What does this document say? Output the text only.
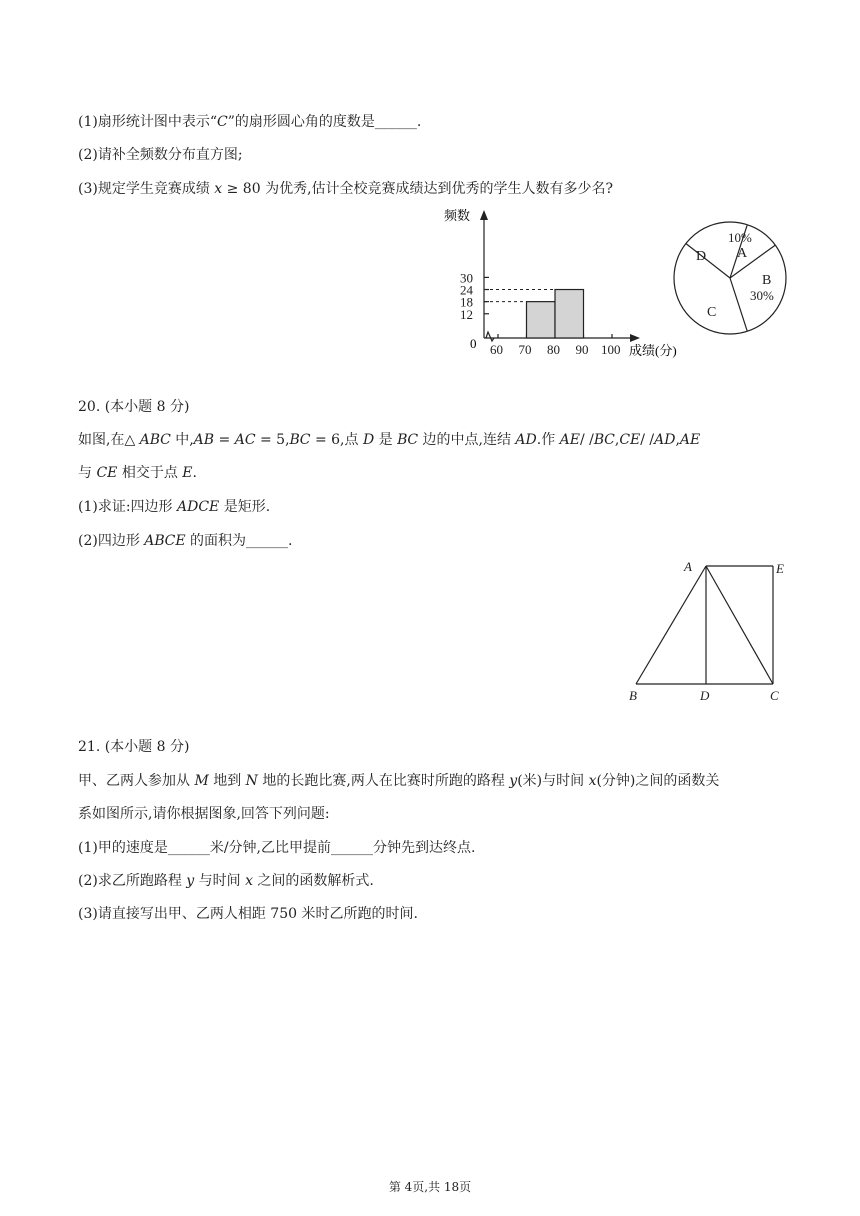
(1)扇形统计图中表示“𝐶”的扇形圆心角的度数是______.
(2)请补全频数分布直方图;
(3)规定学生竞赛成绩 𝑥 ≥ 80 为优秀,估计全校竞赛成绩达到优秀的学生人数有多少名?
频数
成绩(分)
0
12
18
24
30
60 70 80 90 100
A
10%
B
30%
C
D
20. (本小题 8 分)
如图,在△ 𝐴𝐵𝐶 中,𝐴𝐵 = 𝐴𝐶 = 5,𝐵𝐶 = 6,点 𝐷 是 𝐵𝐶 边的中点,连结 𝐴𝐷.作 𝐴𝐸/ /𝐵𝐶,𝐶𝐸/ /𝐴𝐷,𝐴𝐸
与 𝐶𝐸 相交于点 𝐸.
(1)求证:四边形 𝐴𝐷𝐶𝐸 是矩形.
(2)四边形 𝐴𝐵𝐶𝐸 的面积为______.
A	E
B	D	C
21. (本小题 8 分)
甲、乙两人参加从 𝑀 地到 𝑁 地的长跑比赛,两人在比赛时所跑的路程 𝑦(米)与时间 𝑥(分钟)之间的函数关
系如图所示,请你根据图象,回答下列问题:
(1)甲的速度是______米/分钟,乙比甲提前______分钟先到达终点.
(2)求乙所跑路程 𝑦 与时间 𝑥 之间的函数解析式.
(3)请直接写出甲、乙两人相距 750 米时乙所跑的时间.
第 4页,共 18页
